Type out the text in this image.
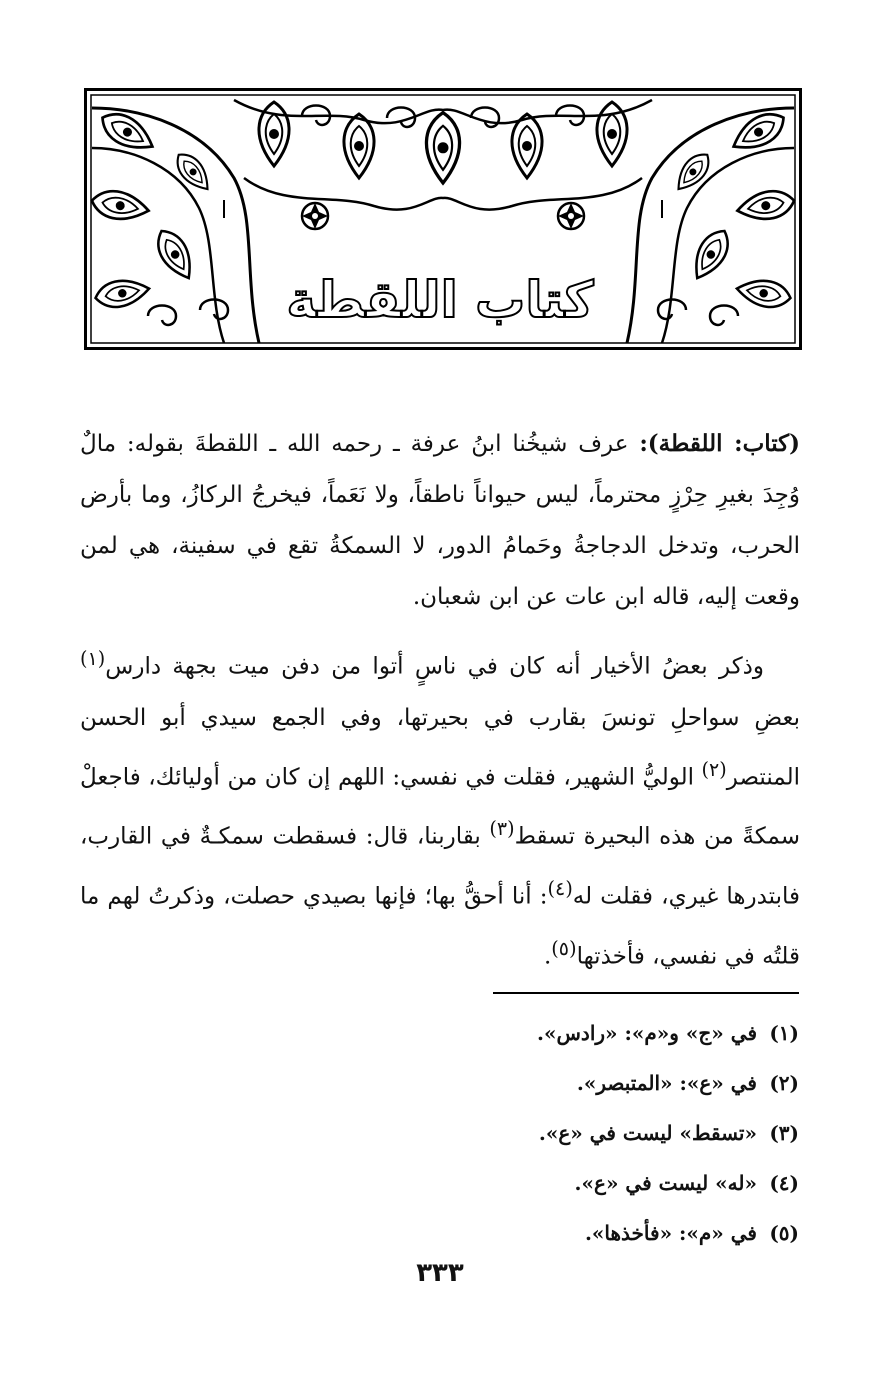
كتاب اللقطة

(كتاب: اللقطة): عرف شيخُنا ابنُ عرفة ـ رحمه الله ـ اللقطةَ بقوله: مالٌ وُجِدَ بغيرِ حِرْزٍ محترماً، ليس حيواناً ناطقاً، ولا نَعَماً، فيخرجُ الركازُ، وما بأرض الحرب، وتدخل الدجاجةُ وحَمامُ الدور، لا السمكةُ تقع في سفينة، هي لمن وقعت إليه، قاله ابن عات عن ابن شعبان.

وذكر بعضُ الأخيار أنه كان في ناسٍ أتوا من دفن ميت بجهة دارس$^{(١)}$ بعضِ سواحلِ تونسَ بقارب في بحيرتها، وفي الجمع سيدي أبو الحسن المنتصر$^{(٢)}$ الوليُّ الشهير، فقلت في نفسي: اللهم إن كان من أوليائك، فاجعلْ سمكةً من هذه البحيرة تسقط$^{(٣)}$ بقاربنا، قال: فسقطت سمكـةٌ في القارب، فابتدرها غيري، فقلت له$^{(٤)}$: أنا أحقُّ بها؛ فإنها بصيدي حصلت، وذكرتُ لهم ما قلتُه في نفسي، فأخذتها$^{(٥)}$.

(١)
في «ج» و«م»: «رادس».
(٢)
في «ع»: «المتبصر».
(٣)
«تسقط» ليست في «ع».
(٤)
«له» ليست في «ع».
(٥)
في «م»: «فأخذها».
٣٣٣
